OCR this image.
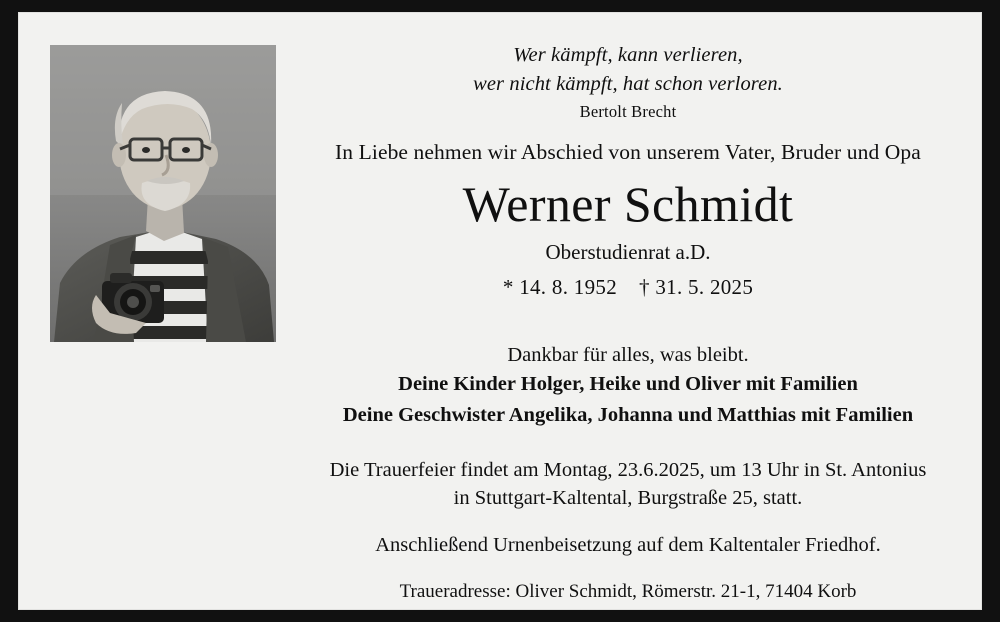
Wer kämpft, kann verlieren,
wer nicht kämpft, hat schon verloren.
Bertolt Brecht
In Liebe nehmen wir Abschied von unserem Vater, Bruder und Opa
Werner Schmidt
Oberstudienrat a.D.
* 14. 8. 1952 † 31. 5. 2025
Dankbar für alles, was bleibt.
Deine Kinder Holger, Heike und Oliver mit Familien
Deine Geschwister Angelika, Johanna und Matthias mit Familien
Die Trauerfeier findet am Montag, 23.6.2025, um 13 Uhr in St. Antonius
in Stuttgart-Kaltental, Burgstraße 25, statt.
Anschließend Urnenbeisetzung auf dem Kaltentaler Friedhof.
Traueradresse: Oliver Schmidt, Römerstr. 21-1, 71404 Korb
